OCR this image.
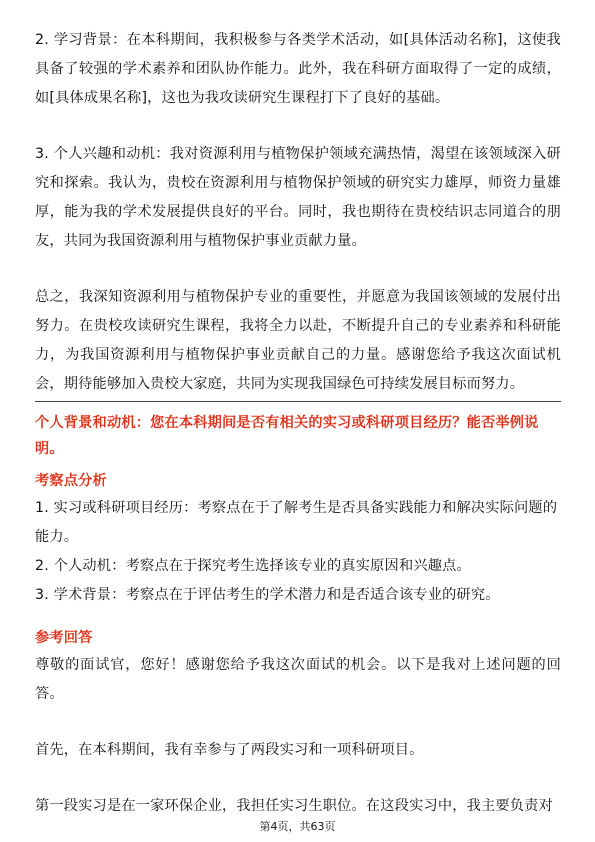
2. 学习背景：在本科期间，我积极参与各类学术活动，如[具体活动名称]，这使我具备了较强的学术素养和团队协作能力。此外，我在科研方面取得了一定的成绩，如[具体成果名称]，这也为我攻读研究生课程打下了良好的基础。

3. 个人兴趣和动机：我对资源利用与植物保护领域充满热情，渴望在该领域深入研究和探索。我认为，贵校在资源利用与植物保护领域的研究实力雄厚，师资力量雄厚，能为我的学术发展提供良好的平台。同时，我也期待在贵校结识志同道合的朋友，共同为我国资源利用与植物保护事业贡献力量。

总之，我深知资源利用与植物保护专业的重要性，并愿意为我国该领域的发展付出努力。在贵校攻读研究生课程，我将全力以赴，不断提升自己的专业素养和科研能力，为我国资源利用与植物保护事业贡献自己的力量。感谢您给予我这次面试机会，期待能够加入贵校大家庭，共同为实现我国绿色可持续发展目标而努力。

个人背景和动机：您在本科期间是否有相关的实习或科研项目经历？能否举例说明。

考察点分析

1. 实习或科研项目经历：考察点在于了解考生是否具备实践能力和解决实际问题的能力。

2. 个人动机：考察点在于探究考生选择该专业的真实原因和兴趣点。

3. 学术背景：考察点在于评估考生的学术潜力和是否适合该专业的研究。

参考回答

尊敬的面试官，您好！感谢您给予我这次面试的机会。以下是我对上述问题的回答。

首先，在本科期间，我有幸参与了两段实习和一项科研项目。

第一段实习是在一家环保企业，我担任实习生职位。在这段实习中，我主要负责对

第4页，共63页
